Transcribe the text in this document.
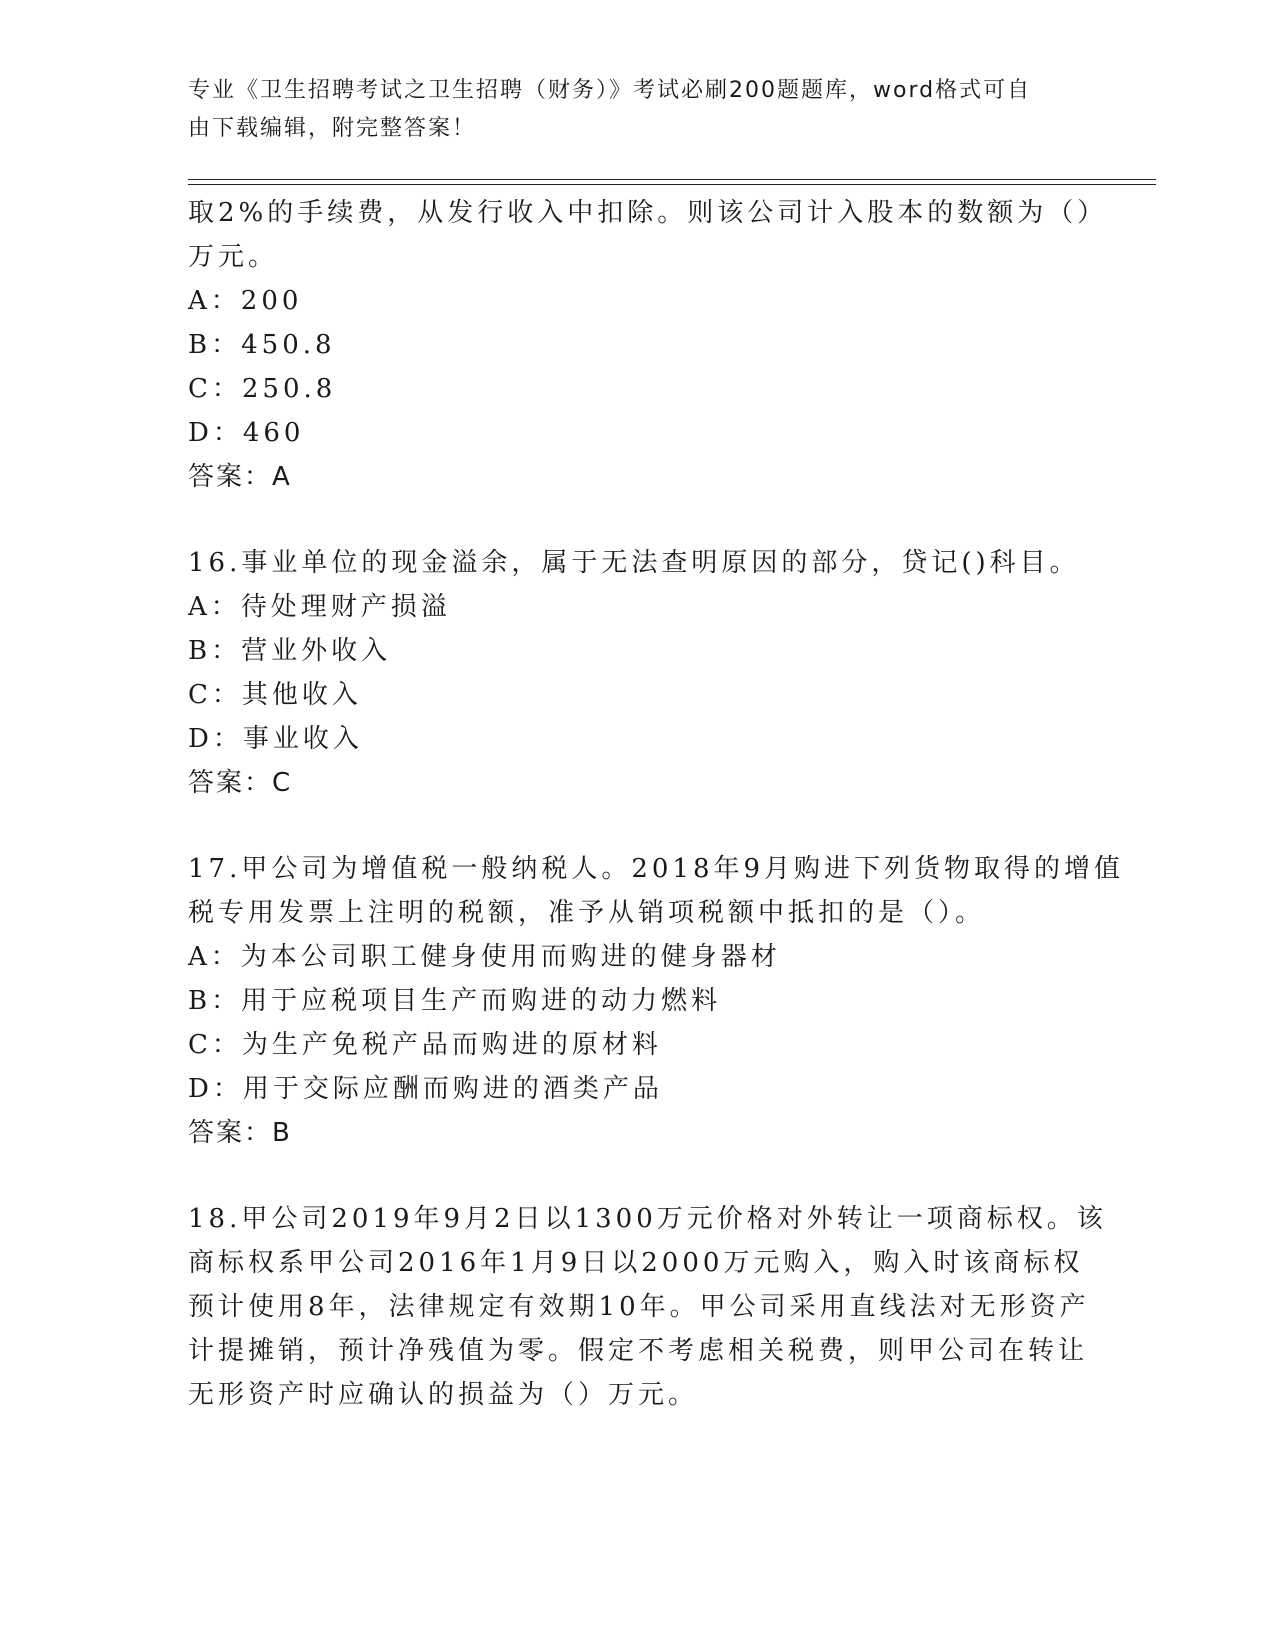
专业《卫生招聘考试之卫生招聘（财务）》考试必刷200题题库，word格式可自
由下载编辑，附完整答案！
取2%的手续费，从发行收入中扣除。则该公司计入股本的数额为（）
万元。
A：200
B：450.8
C：250.8
D：460
答案：A
16.事业单位的现金溢余，属于无法查明原因的部分，贷记()科目。
A：待处理财产损溢
B：营业外收入
C：其他收入
D：事业收入
答案：C
17.甲公司为增值税一般纳税人。2018年9月购进下列货物取得的增值
税专用发票上注明的税额，准予从销项税额中抵扣的是（）。
A：为本公司职工健身使用而购进的健身器材
B：用于应税项目生产而购进的动力燃料
C：为生产免税产品而购进的原材料
D：用于交际应酬而购进的酒类产品
答案：B
18.甲公司2019年9月2日以1300万元价格对外转让一项商标权。该
商标权系甲公司2016年1月9日以2000万元购入，购入时该商标权
预计使用8年，法律规定有效期10年。甲公司采用直线法对无形资产
计提摊销，预计净残值为零。假定不考虑相关税费，则甲公司在转让
无形资产时应确认的损益为（）万元。
